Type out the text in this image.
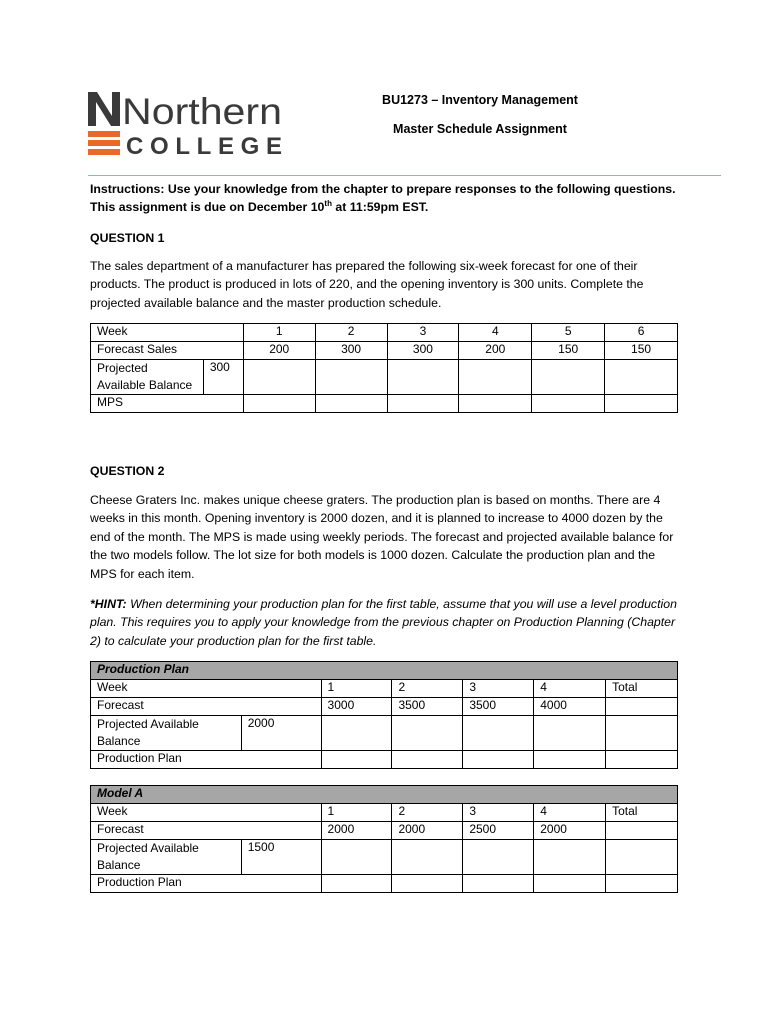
Northern
COLLEGE
BU1273 – Inventory Management
Master Schedule Assignment
Instructions: Use your knowledge from the chapter to prepare responses to the following questions.
This assignment is due on December 10th at 11:59pm EST.
QUESTION 1
The sales department of a manufacturer has prepared the following six-week forecast for one of their products. The product is produced in lots of 220, and the opening inventory is 300 units. Complete the projected available balance and the master production schedule.
Week		1	2	3	4	5	6
Forecast Sales		200	300	300	200	150	150
Projected Available Balance	300						
MPS							
QUESTION 2
Cheese Graters Inc. makes unique cheese graters. The production plan is based on months. There are 4 weeks in this month. Opening inventory is 2000 dozen, and it is planned to increase to 4000 dozen by the end of the month. The MPS is made using weekly periods. The forecast and projected available balance for the two models follow. The lot size for both models is 1000 dozen. Calculate the production plan and the MPS for each item.
*HINT: When determining your production plan for the first table, assume that you will use a level production plan. This requires you to apply your knowledge from the previous chapter on Production Planning (Chapter 2) to calculate your production plan for the first table.
Production Plan						
Week		1	2	3	4	Total
Forecast		3000	3500	3500	4000	
Projected Available Balance	2000					
Production Plan						
Model A						
Week		1	2	3	4	Total
Forecast		2000	2000	2500	2000	
Projected Available Balance	1500					
Production Plan						
